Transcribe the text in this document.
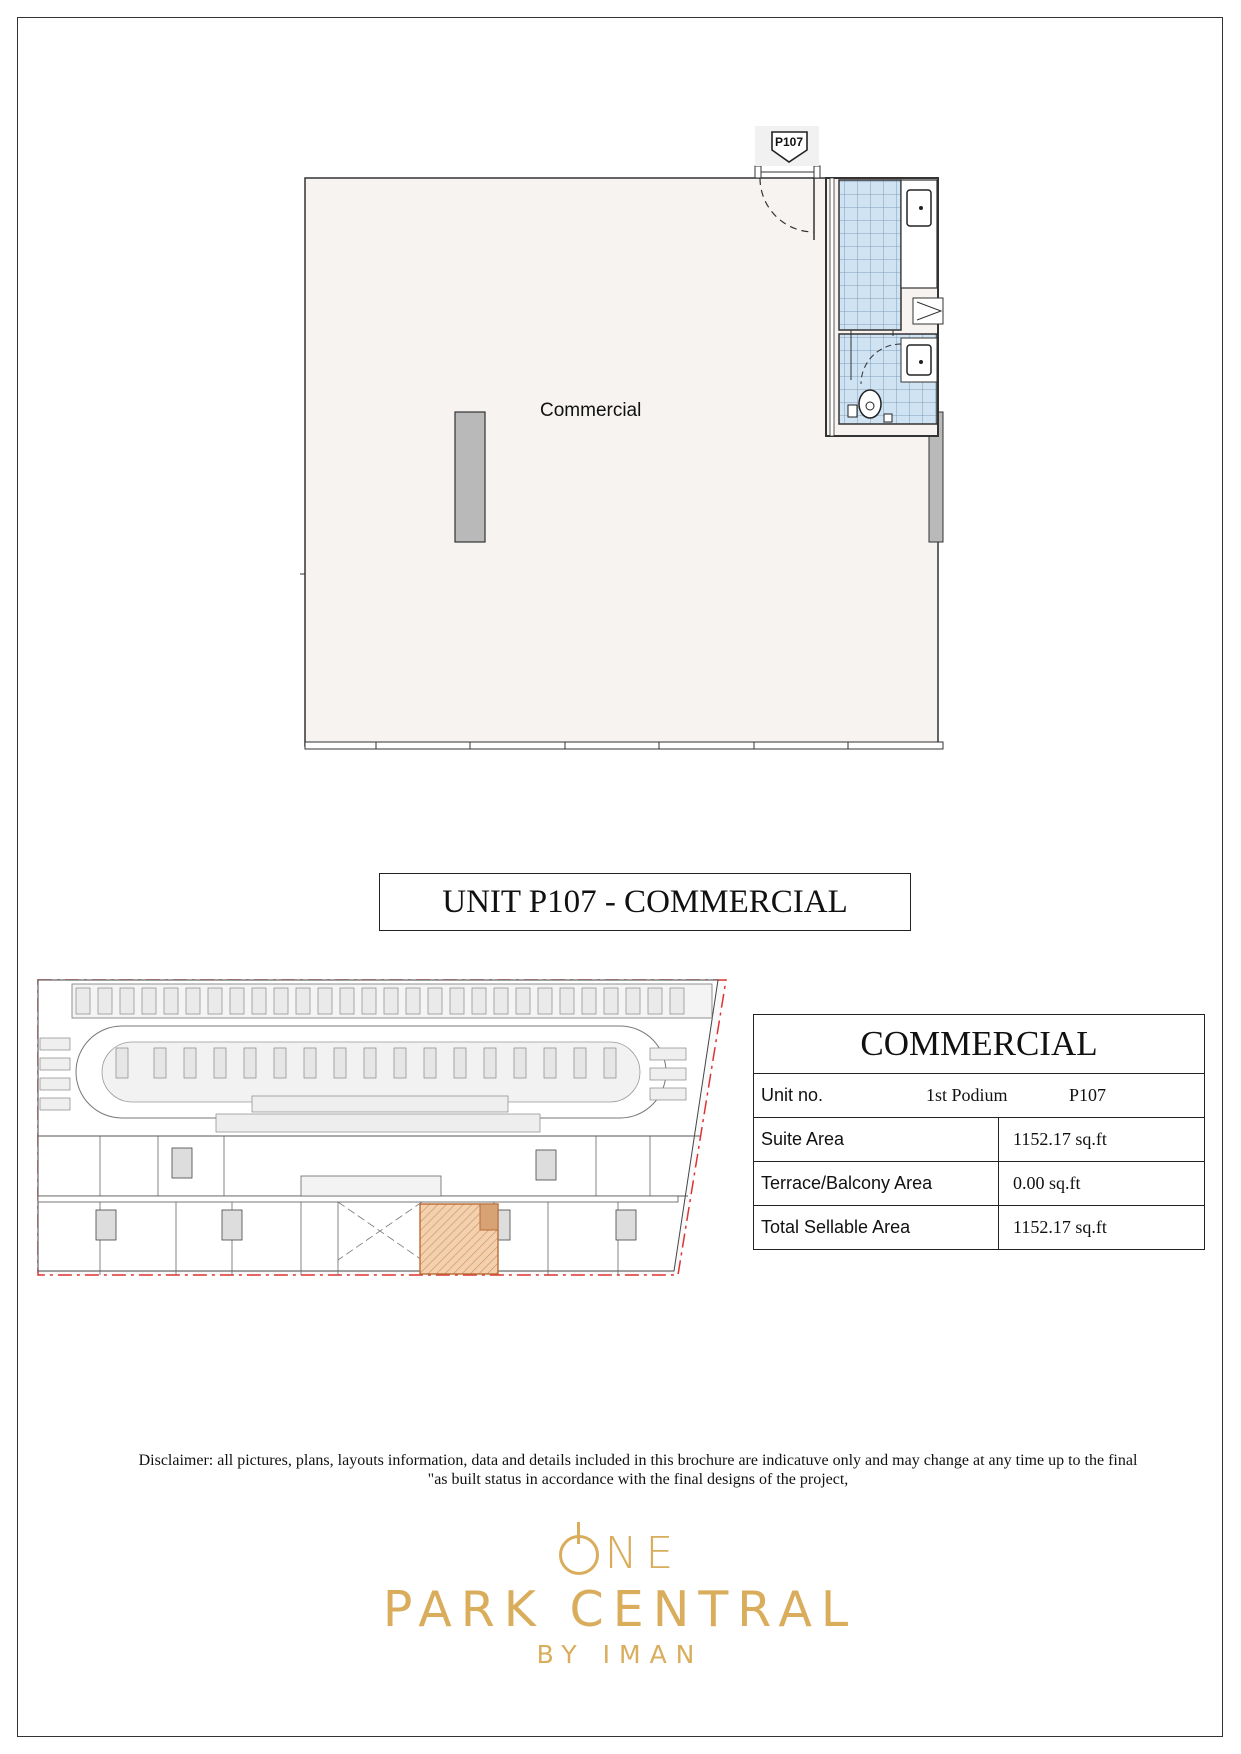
P107
Commercial
UNIT P107 - COMMERCIAL
COMMERCIAL	

Unit no. 1st Podium P107	

Suite Area	1152.17 sq.ft
Terrace/Balcony Area	0.00 sq.ft
Total Sellable Area	1152.17 sq.ft
Disclaimer: all pictures, plans, layouts information, data and details included in this brochure are indicatuve only and may change at any time up to the final
"as built status in accordance with the final designs of the project,
NE
PARK CENTRAL
BY IMAN
